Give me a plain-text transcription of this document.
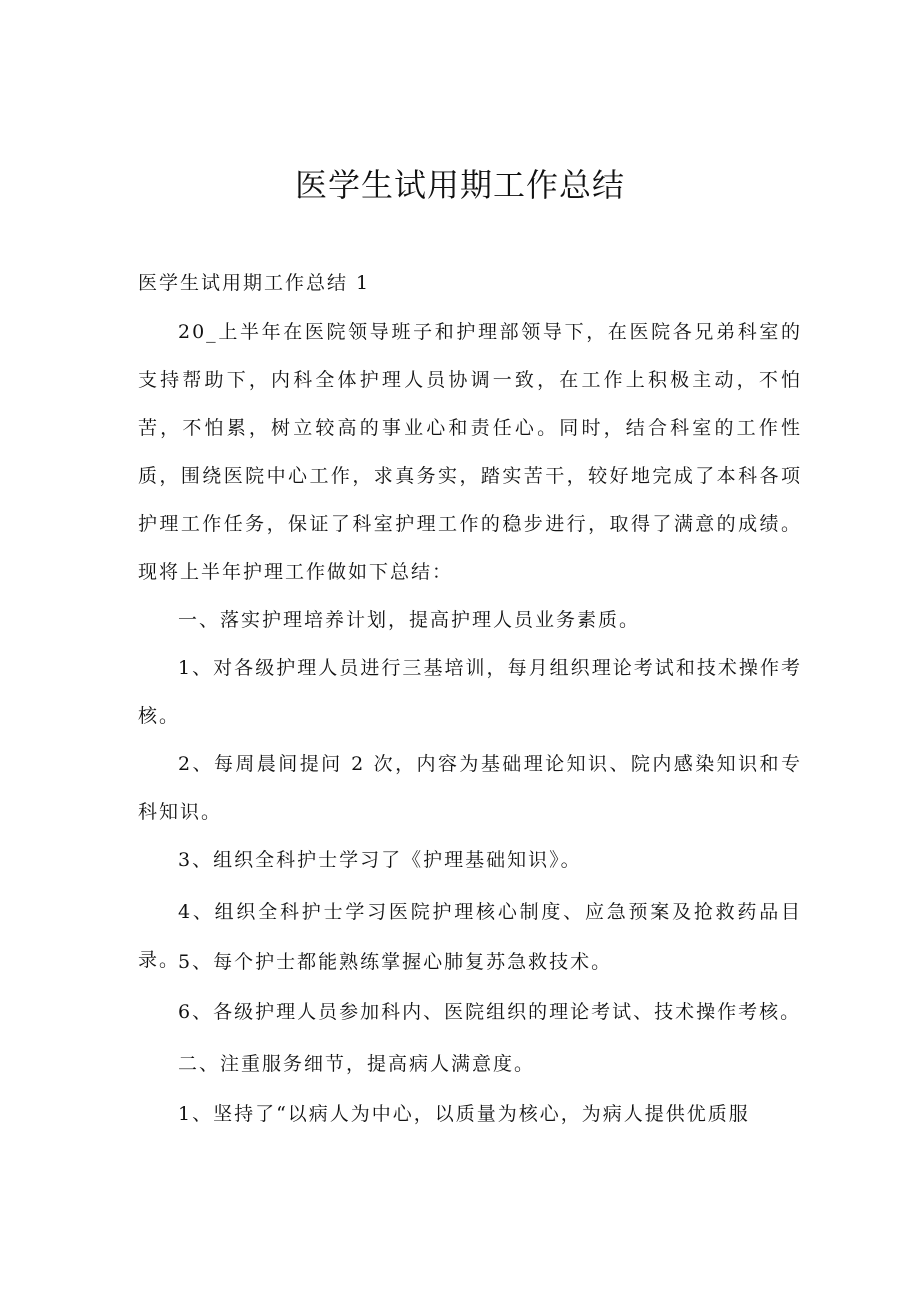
医学生试用期工作总结
医学生试用期工作总结 1

20_上半年在医院领导班子和护理部领导下，在医院各兄弟科室的支持帮助下，内科全体护理人员协调一致，在工作上积极主动，不怕苦，不怕累，树立较高的事业心和责任心。同时，结合科室的工作性质，围绕医院中心工作，求真务实，踏实苦干，较好地完成了本科各项护理工作任务，保证了科室护理工作的稳步进行，取得了满意的成绩。现将上半年护理工作做如下总结：

一、落实护理培养计划，提高护理人员业务素质。

1、对各级护理人员进行三基培训，每月组织理论考试和技术操作考核。

2、每周晨间提问 2 次，内容为基础理论知识、院内感染知识和专科知识。

3、组织全科护士学习了《护理基础知识》。

4、组织全科护士学习医院护理核心制度、应急预案及抢救药品目录。

5、每个护士都能熟练掌握心肺复苏急救技术。

6、各级护理人员参加科内、医院组织的理论考试、技术操作考核。

二、注重服务细节，提高病人满意度。

1、坚持了“以病人为中心，以质量为核心，为病人提供优质服
